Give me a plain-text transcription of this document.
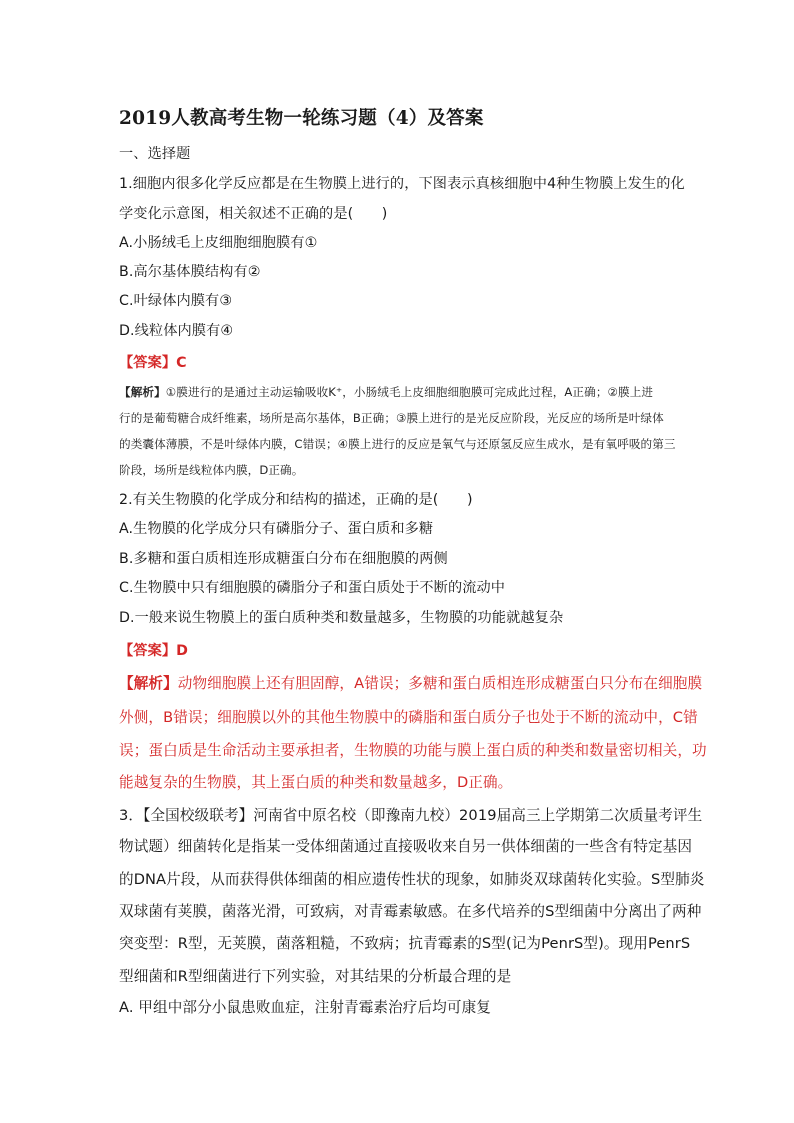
2019人教高考生物一轮练习题（4）及答案
一、选择题
1.细胞内很多化学反应都是在生物膜上进行的，下图表示真核细胞中4种生物膜上发生的化
学变化示意图，相关叙述不正确的是(　　)
A.小肠绒毛上皮细胞细胞膜有①
B.高尔基体膜结构有②
C.叶绿体内膜有③
D.线粒体内膜有④
【答案】C
【解析】①膜进行的是通过主动运输吸收K⁺，小肠绒毛上皮细胞细胞膜可完成此过程，A正确；②膜上进
行的是葡萄糖合成纤维素，场所是高尔基体，B正确；③膜上进行的是光反应阶段，光反应的场所是叶绿体
的类囊体薄膜，不是叶绿体内膜，C错误；④膜上进行的反应是氧气与还原氢反应生成水，是有氧呼吸的第三
阶段，场所是线粒体内膜，D正确。
2.有关生物膜的化学成分和结构的描述，正确的是(　　)
A.生物膜的化学成分只有磷脂分子、蛋白质和多糖
B.多糖和蛋白质相连形成糖蛋白分布在细胞膜的两侧
C.生物膜中只有细胞膜的磷脂分子和蛋白质处于不断的流动中
D.一般来说生物膜上的蛋白质种类和数量越多，生物膜的功能就越复杂
【答案】D
【解析】动物细胞膜上还有胆固醇，A错误；多糖和蛋白质相连形成糖蛋白只分布在细胞膜
外侧，B错误；细胞膜以外的其他生物膜中的磷脂和蛋白质分子也处于不断的流动中，C错
误；蛋白质是生命活动主要承担者，生物膜的功能与膜上蛋白质的种类和数量密切相关，功
能越复杂的生物膜，其上蛋白质的种类和数量越多，D正确。
3．【全国校级联考】河南省中原名校（即豫南九校）2019届高三上学期第二次质量考评生
物试题）细菌转化是指某一受体细菌通过直接吸收来自另一供体细菌的一些含有特定基因
的DNA片段，从而获得供体细菌的相应遗传性状的现象，如肺炎双球菌转化实验。S型肺炎
双球菌有荚膜，菌落光滑，可致病，对青霉素敏感。在多代培养的S型细菌中分离出了两种
突变型：R型，无荚膜，菌落粗糙，不致病；抗青霉素的S型(记为PenrS型)。现用PenrS
型细菌和R型细菌进行下列实验，对其结果的分析最合理的是
A. 甲组中部分小鼠患败血症，注射青霉素治疗后均可康复
